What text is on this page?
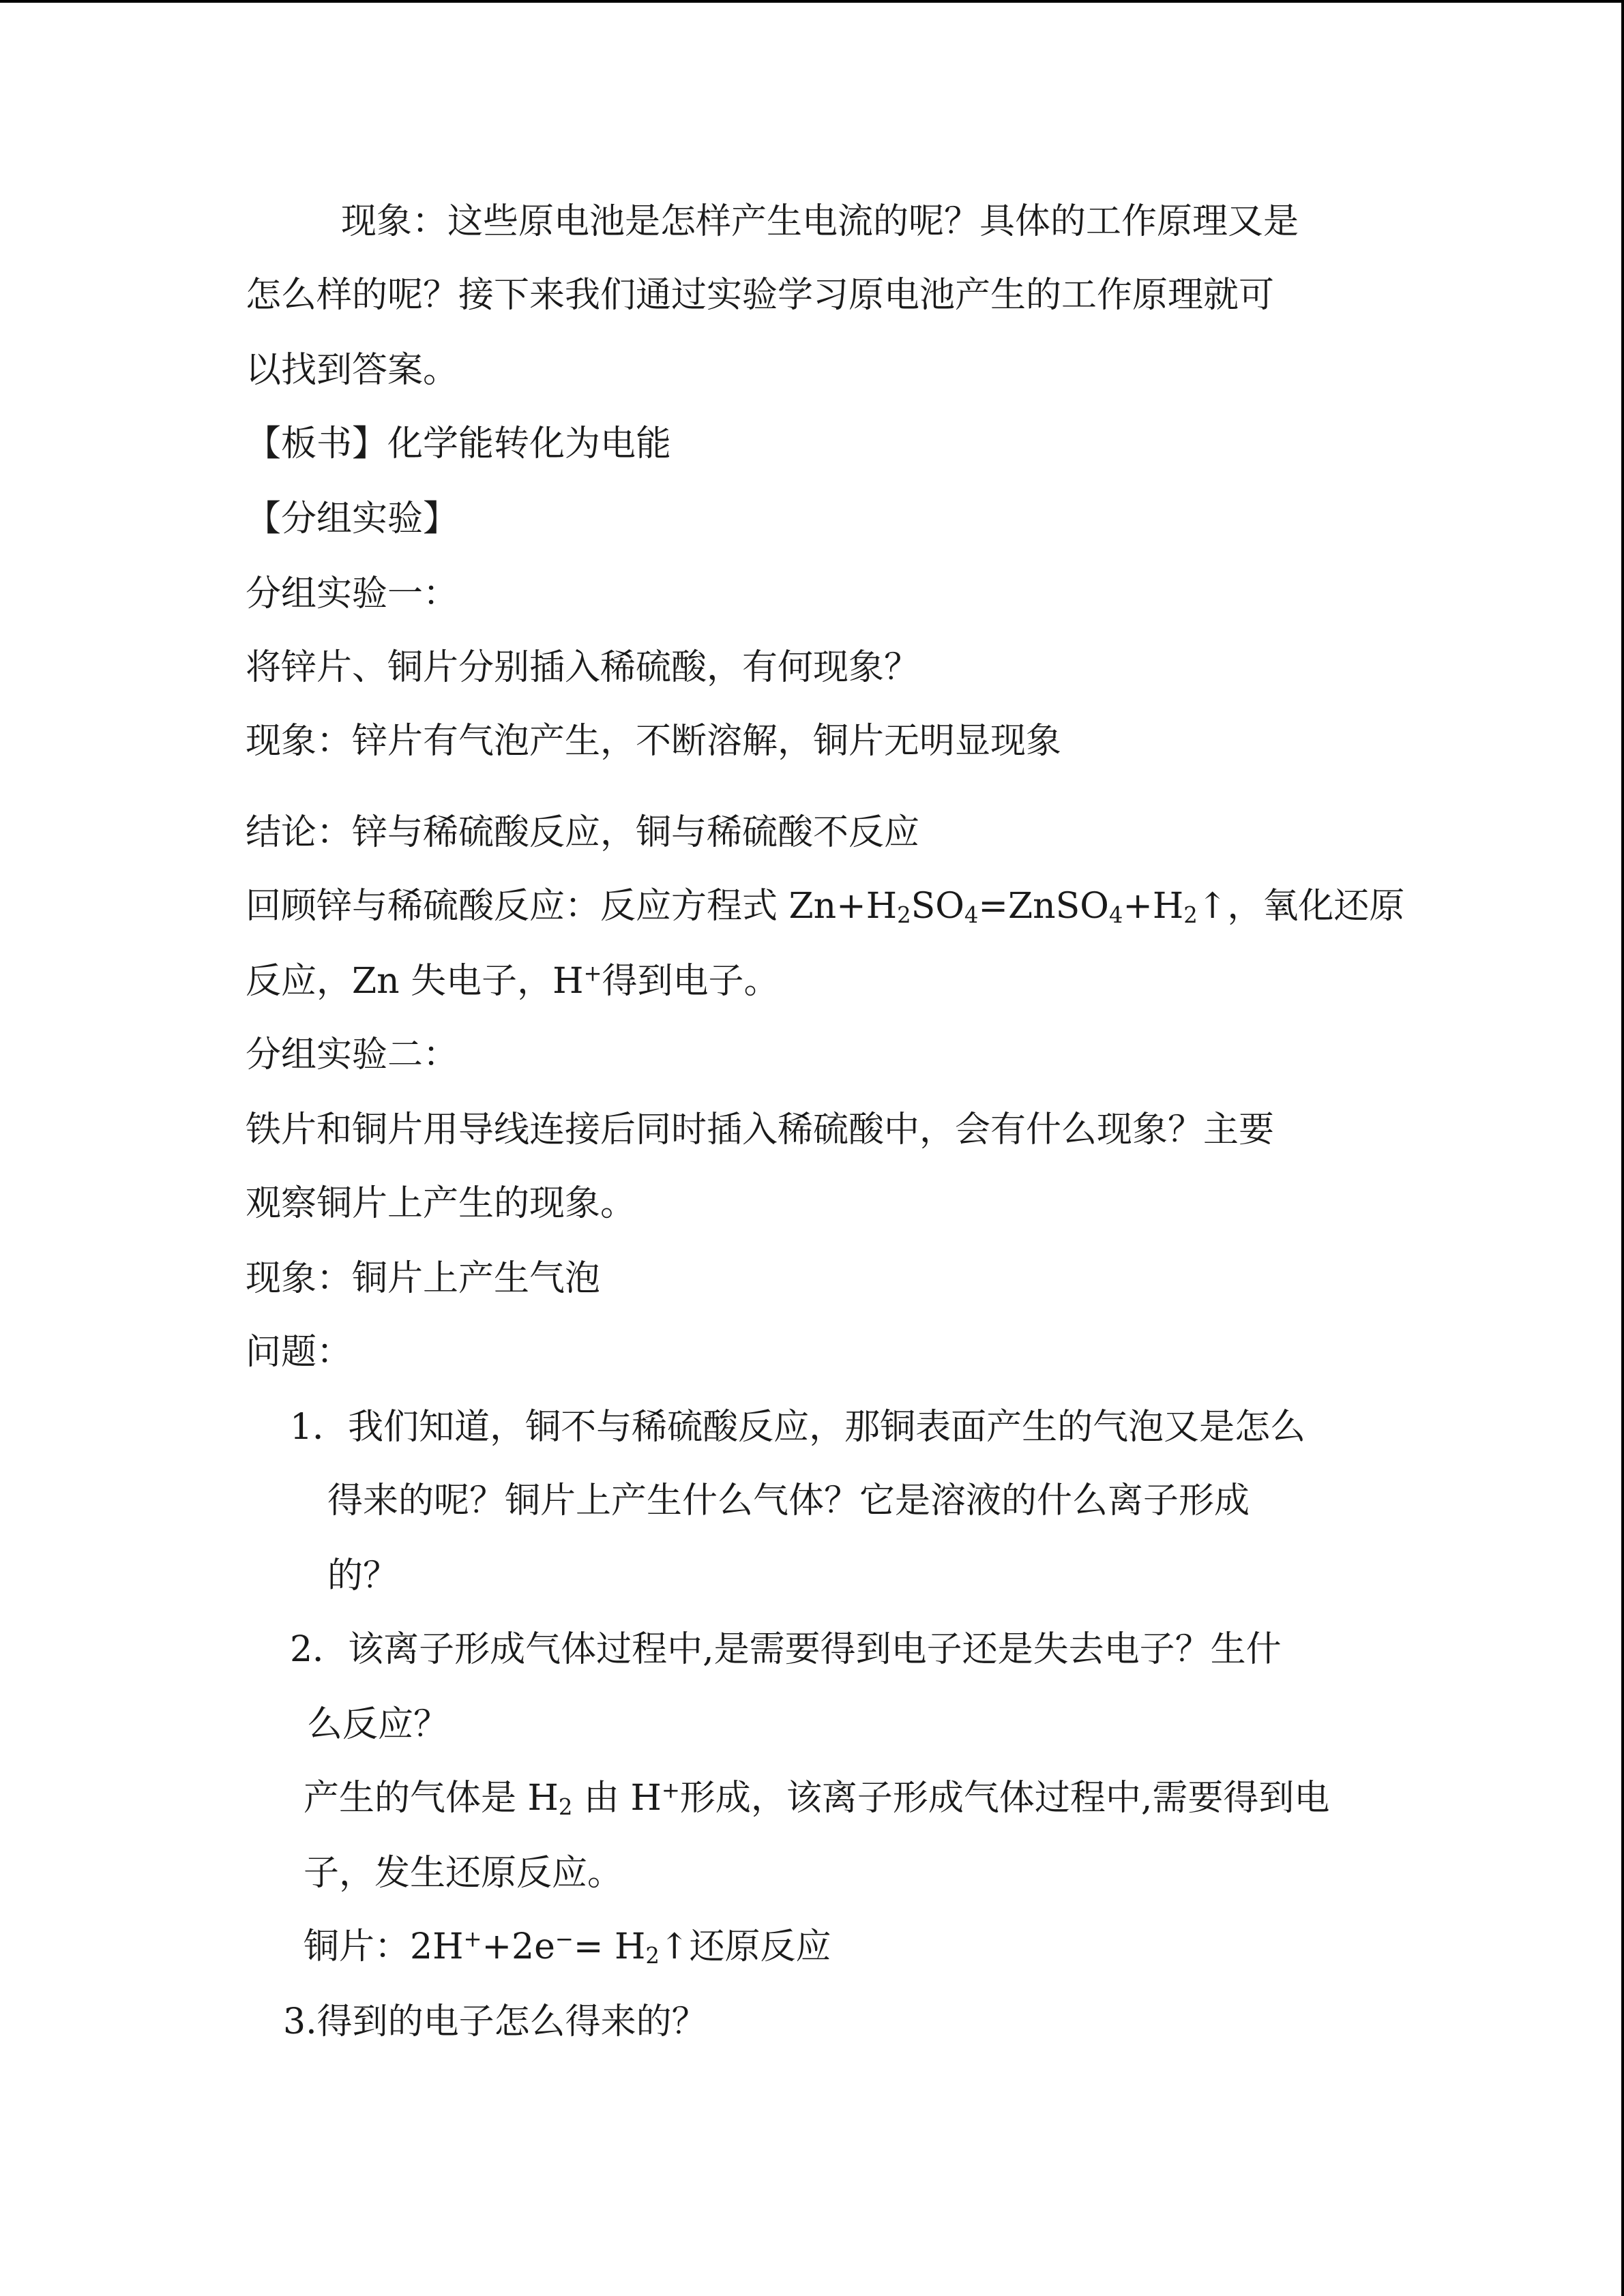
现象：这些原电池是怎样产生电流的呢？具体的工作原理又是
怎么样的呢？接下来我们通过实验学习原电池产生的工作原理就可
以找到答案。
【板书】化学能转化为电能
【分组实验】
分组实验一：
将锌片、铜片分别插入稀硫酸，有何现象？
现象：锌片有气泡产生，不断溶解，铜片无明显现象
结论：锌与稀硫酸反应，铜与稀硫酸不反应
回顾锌与稀硫酸反应：反应方程式 $Zn+H_2SO_4=ZnSO_4+H_2↑$，氧化还原
反应，Zn 失电子，H+得到电子。
分组实验二：
铁片和铜片用导线连接后同时插入稀硫酸中，会有什么现象？主要
观察铜片上产生的现象。
现象：铜片上产生气泡
问题：
1．我们知道，铜不与稀硫酸反应，那铜表面产生的气泡又是怎么
得来的呢？铜片上产生什么气体？它是溶液的什么离子形成
的？
2．该离子形成气体过程中,是需要得到电子还是失去电子？生什
么反应？
产生的气体是 $H_2$ 由 H+形成，该离子形成气体过程中,需要得到电
子，发生还原反应。
铜片：$2H^++2e^-= H_2↑$还原反应
3.得到的电子怎么得来的？
